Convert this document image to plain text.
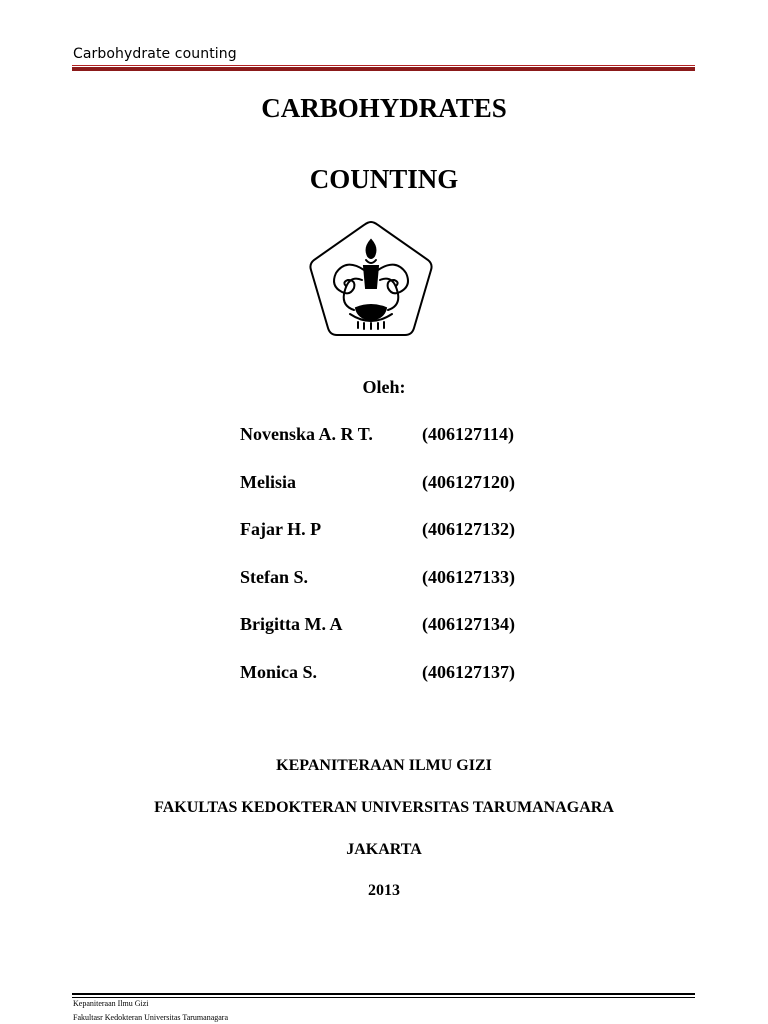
Carbohydrate counting
CARBOHYDRATES
COUNTING
Oleh:
Novenska A. R T.	(406127114)
Melisia	(406127120)
Fajar H. P	(406127132)
Stefan S.	(406127133)
Brigitta M. A	(406127134)
Monica S.	(406127137)
KEPANITERAAN ILMU GIZI
FAKULTAS KEDOKTERAN UNIVERSITAS TARUMANAGARA
JAKARTA
2013
Kepaniteraan Ilmu Gizi
Fakultasr Kedokteran Universitas Tarumanagara
